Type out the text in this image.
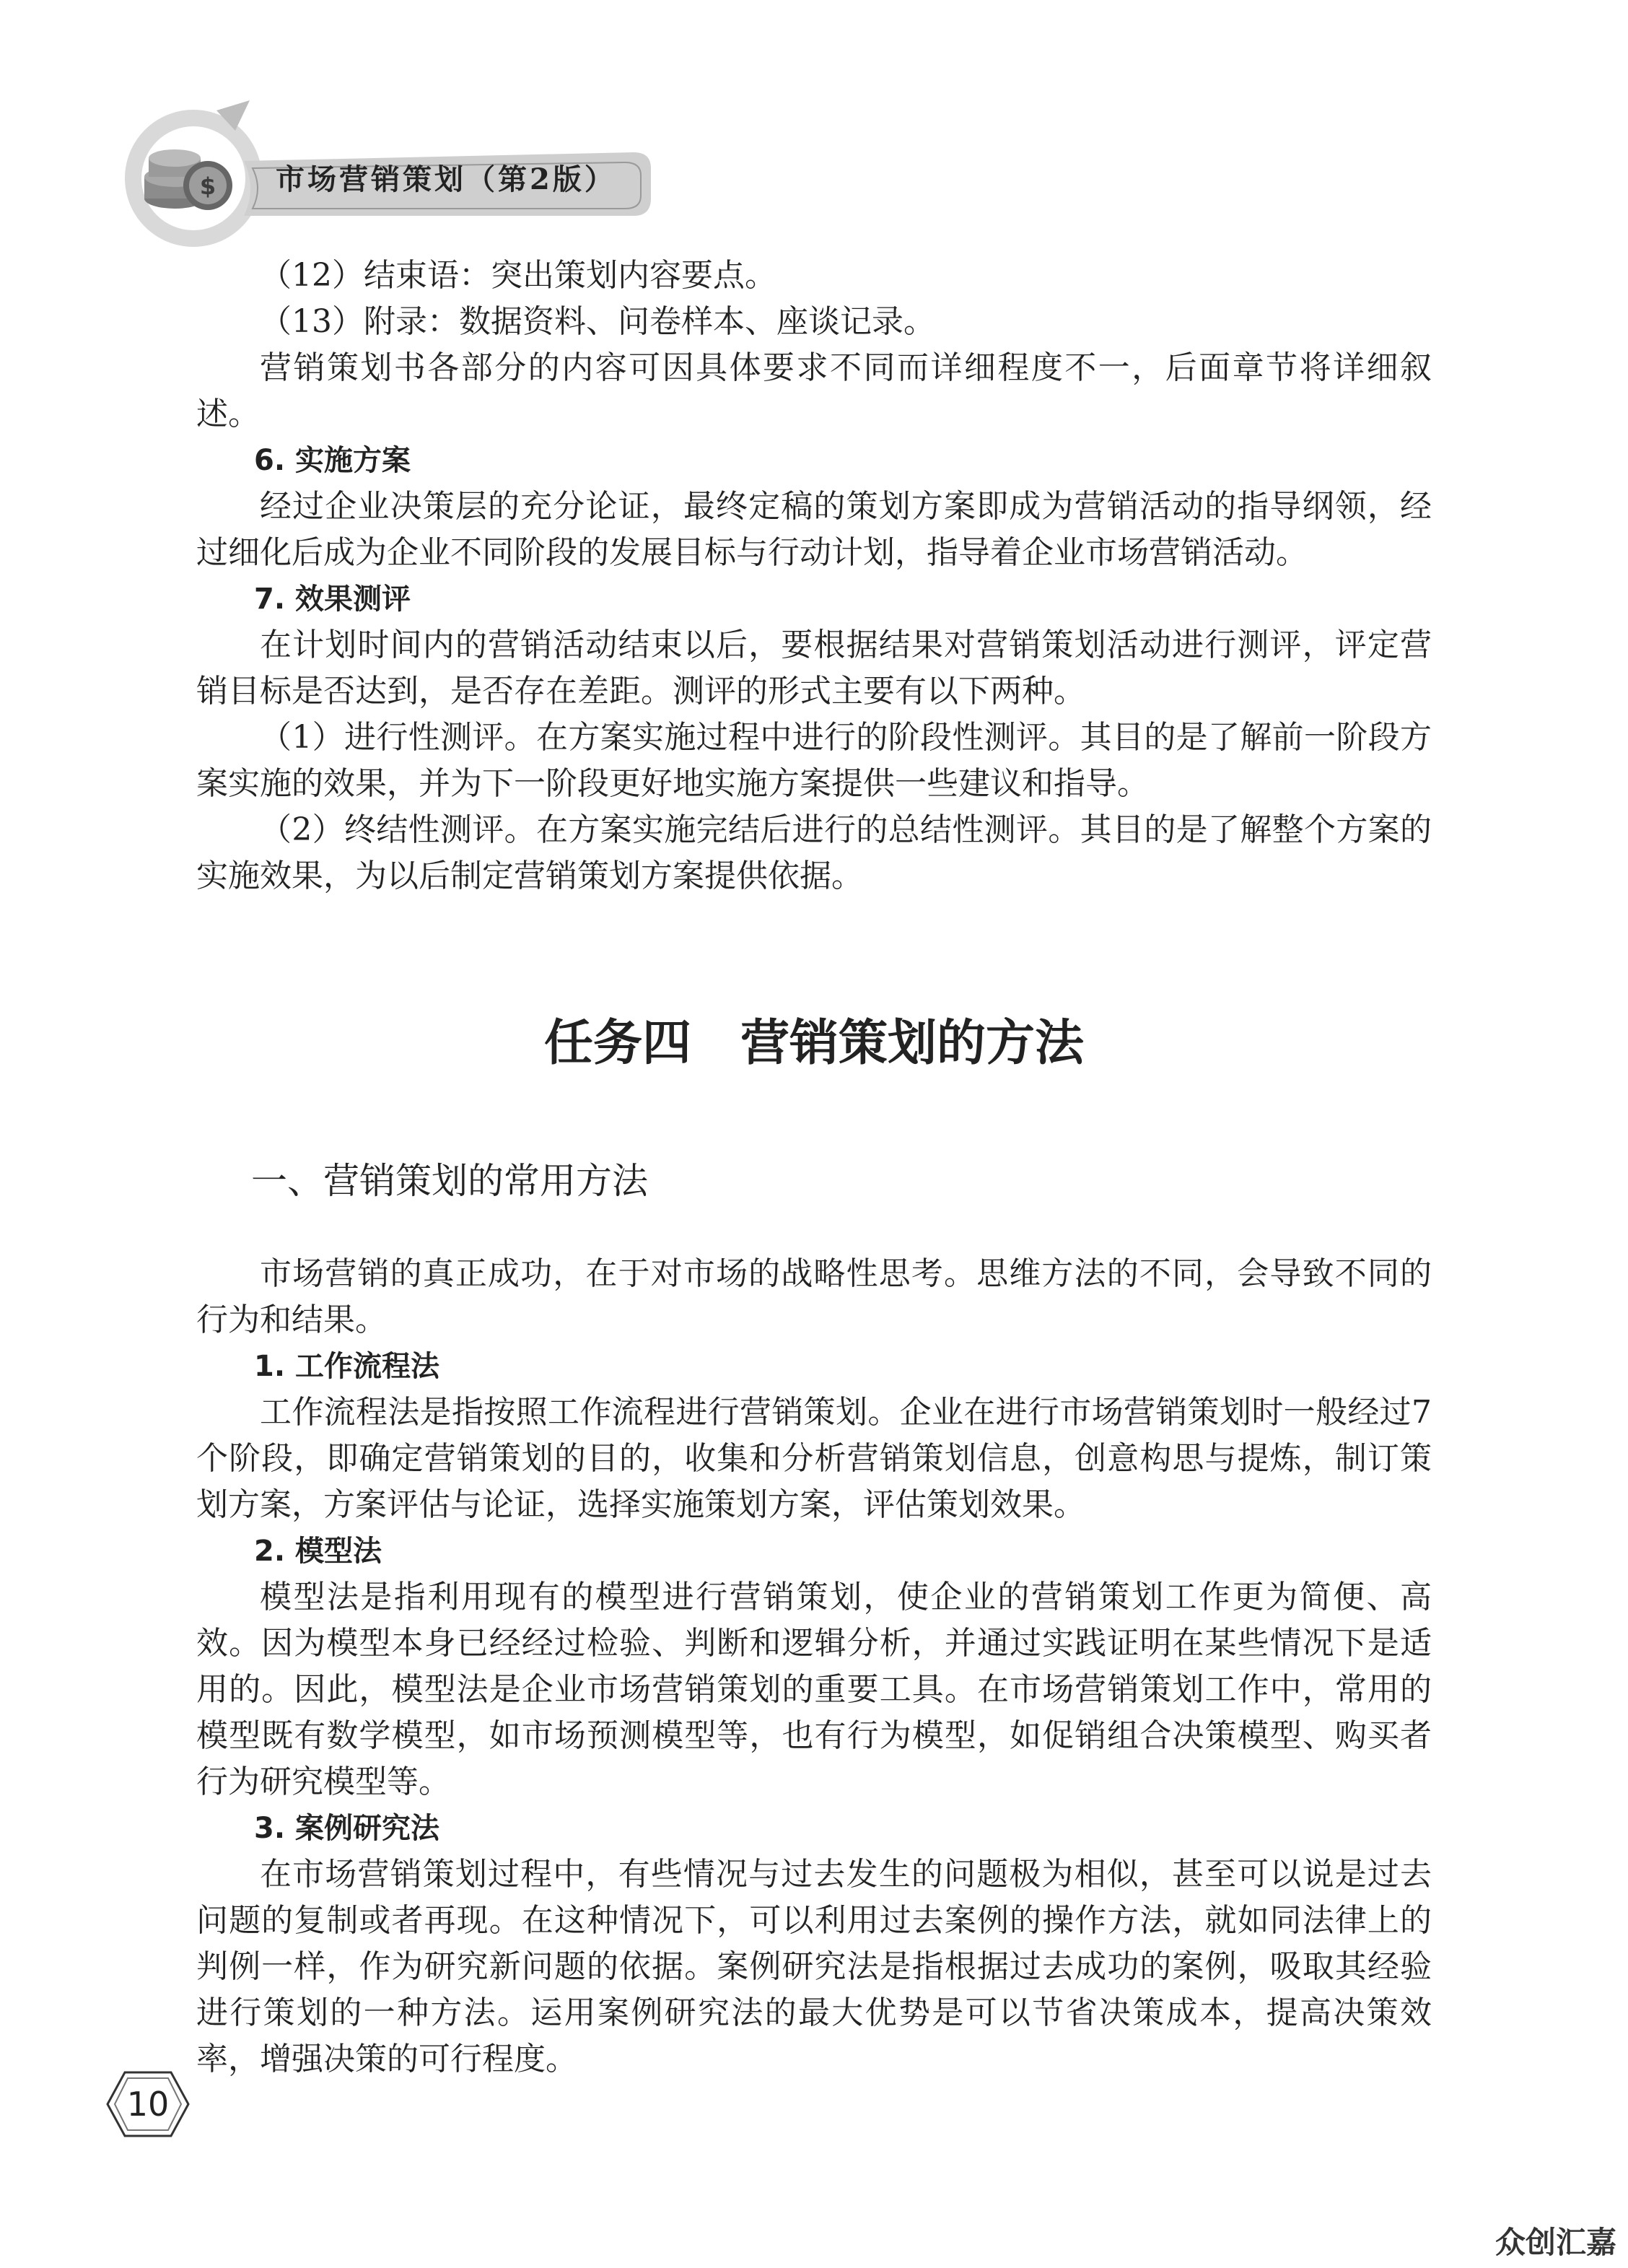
$ 市场营销策划（第2版）

（12）结束语：突出策划内容要点。

（13）附录：数据资料、问卷样本、座谈记录。

营销策划书各部分的内容可因具体要求不同而详细程度不一，后面章节将详细叙述。

6. 实施方案

经过企业决策层的充分论证，最终定稿的策划方案即成为营销活动的指导纲领，经过细化后成为企业不同阶段的发展目标与行动计划，指导着企业市场营销活动。

7. 效果测评

在计划时间内的营销活动结束以后，要根据结果对营销策划活动进行测评，评定营销目标是否达到，是否存在差距。测评的形式主要有以下两种。

（1）进行性测评。在方案实施过程中进行的阶段性测评。其目的是了解前一阶段方案实施的效果，并为下一阶段更好地实施方案提供一些建议和指导。

（2）终结性测评。在方案实施完结后进行的总结性测评。其目的是了解整个方案的实施效果，为以后制定营销策划方案提供依据。

任务四　营销策划的方法
一、营销策划的常用方法

市场营销的真正成功，在于对市场的战略性思考。思维方法的不同，会导致不同的行为和结果。

1. 工作流程法

工作流程法是指按照工作流程进行营销策划。企业在进行市场营销策划时一般经过7个阶段，即确定营销策划的目的，收集和分析营销策划信息，创意构思与提炼，制订策划方案，方案评估与论证，选择实施策划方案，评估策划效果。

2. 模型法

模型法是指利用现有的模型进行营销策划，使企业的营销策划工作更为简便、高效。因为模型本身已经经过检验、判断和逻辑分析，并通过实践证明在某些情况下是适用的。因此，模型法是企业市场营销策划的重要工具。在市场营销策划工作中，常用的模型既有数学模型，如市场预测模型等，也有行为模型，如促销组合决策模型、购买者行为研究模型等。

3. 案例研究法

在市场营销策划过程中，有些情况与过去发生的问题极为相似，甚至可以说是过去问题的复制或者再现。在这种情况下，可以利用过去案例的操作方法，就如同法律上的判例一样，作为研究新问题的依据。案例研究法是指根据过去成功的案例，吸取其经验进行策划的一种方法。运用案例研究法的最大优势是可以节省决策成本，提高决策效率，增强决策的可行程度。

10
众创汇嘉
